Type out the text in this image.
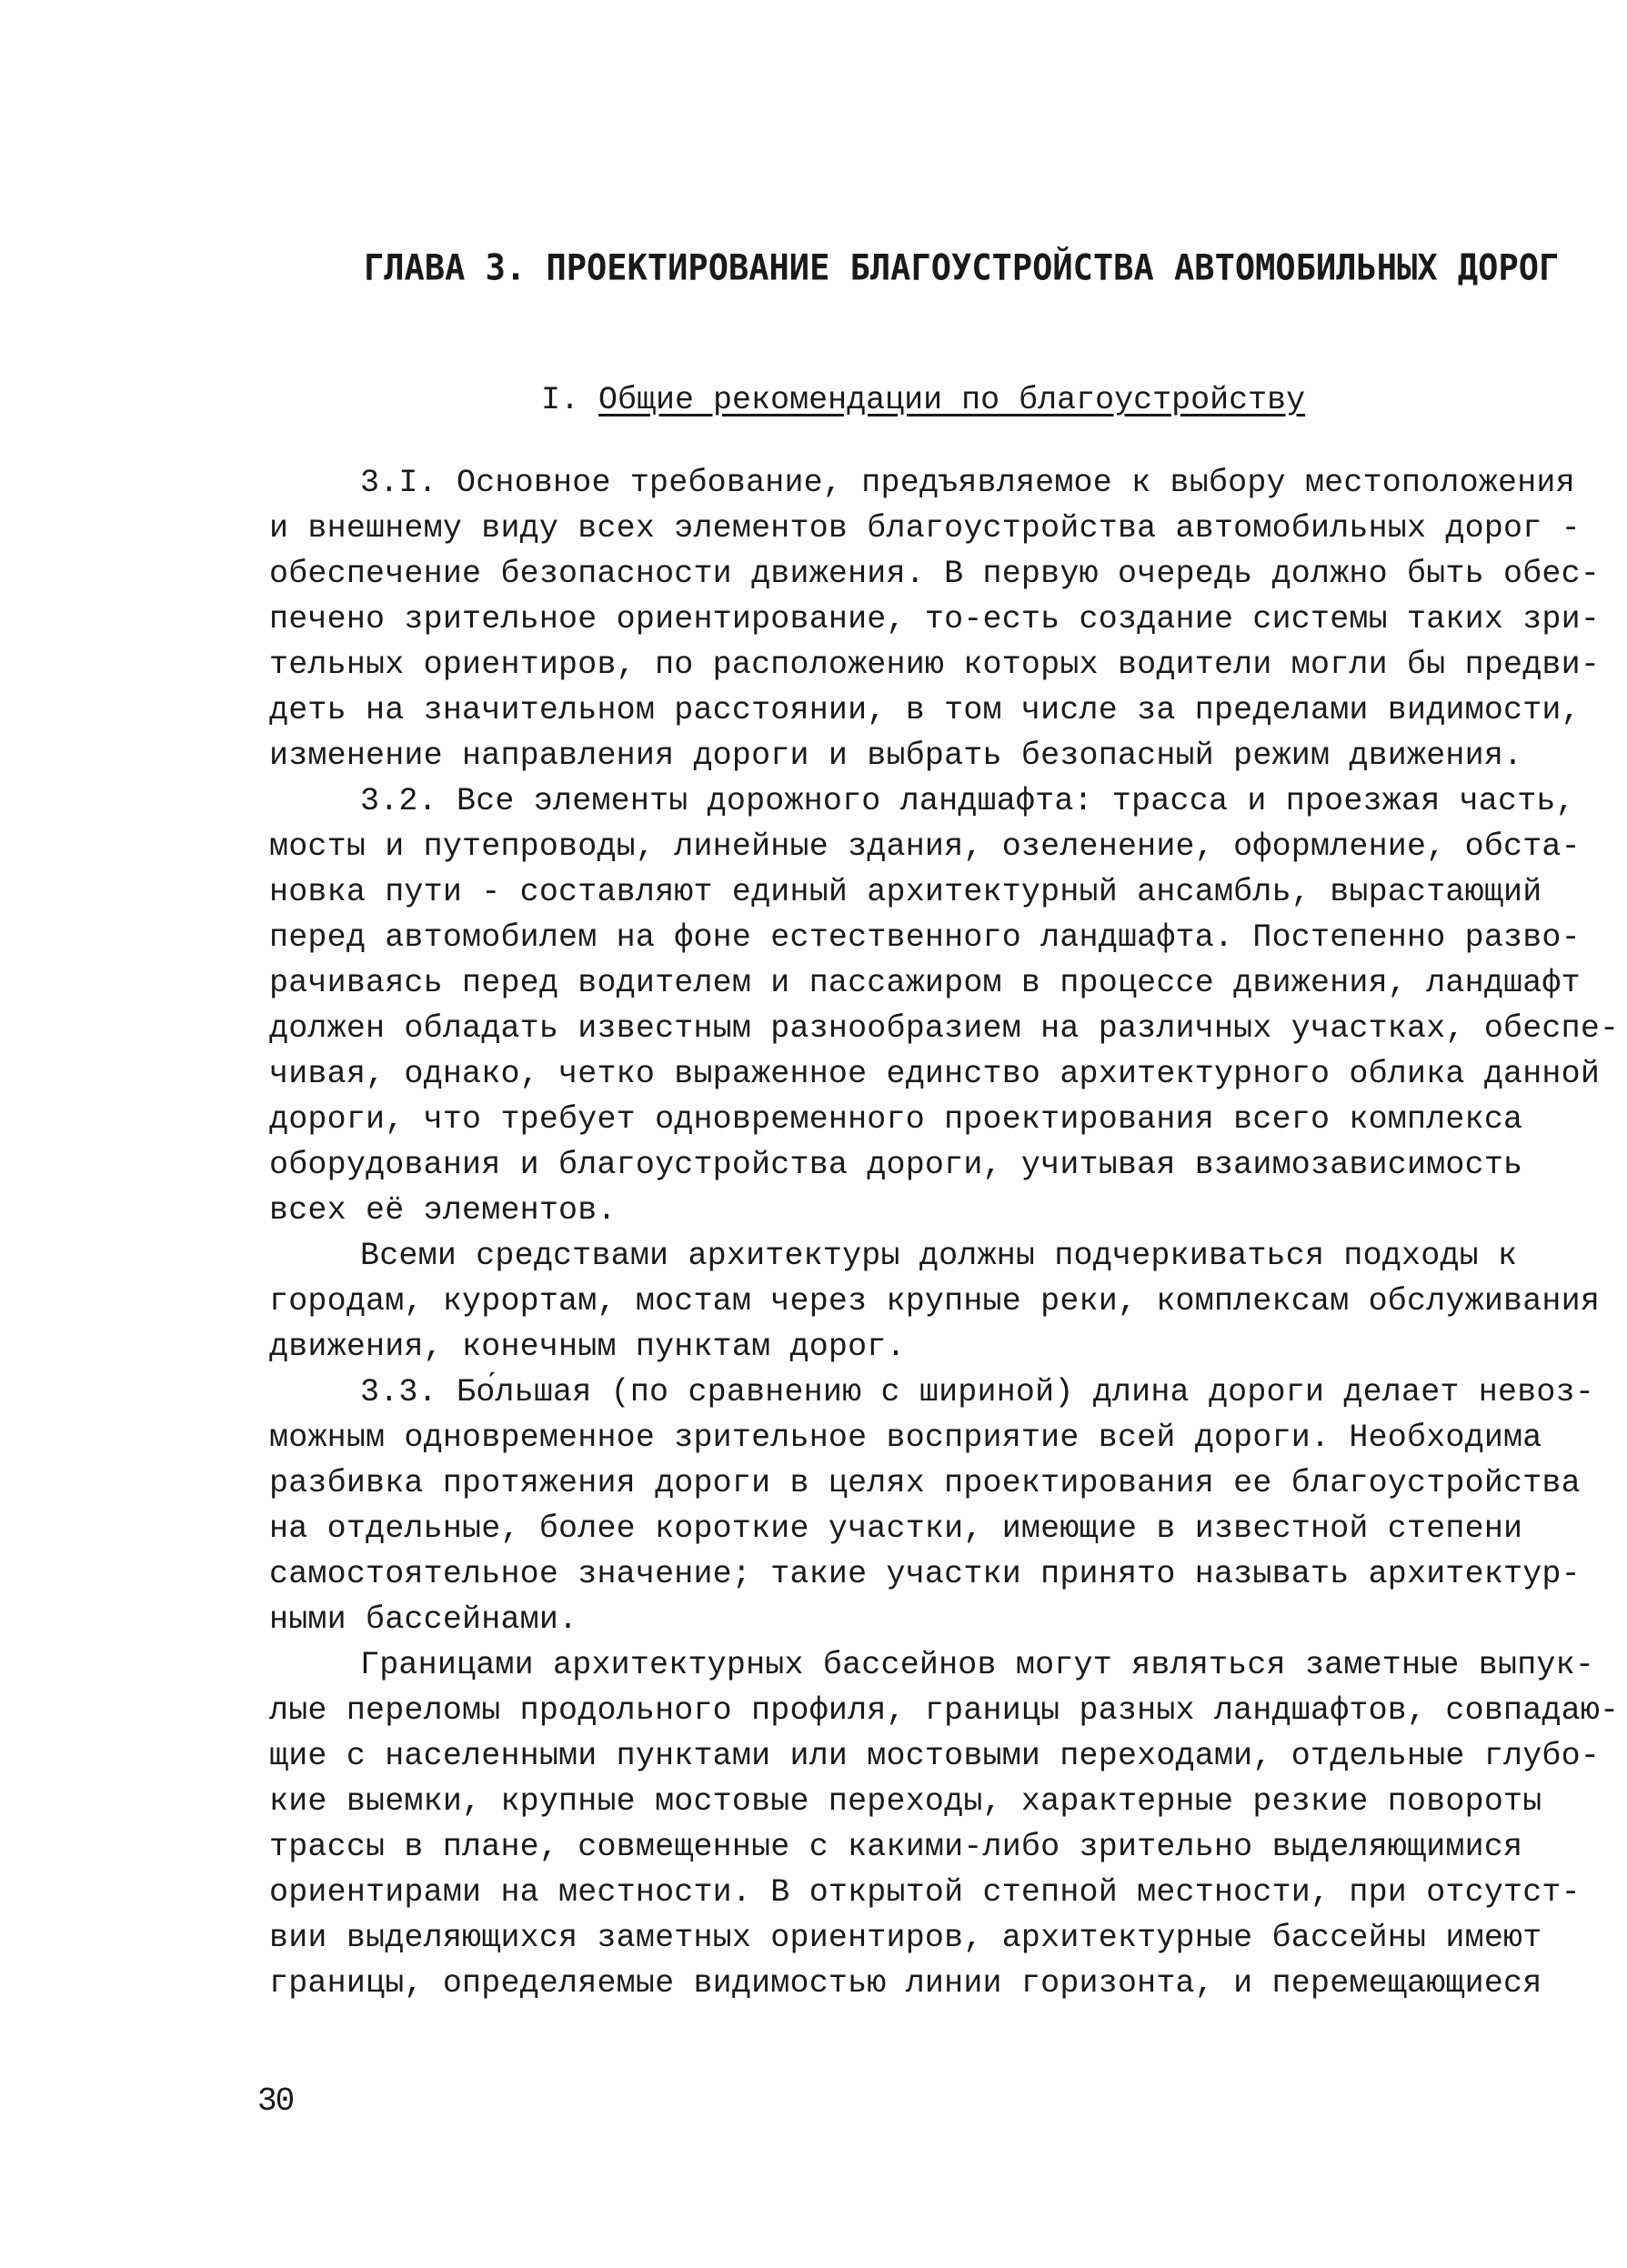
ГЛАВА 3. ПРОЕКТИРОВАНИЕ БЛАГОУСТРОЙСТВА АВТОМОБИЛЬНЫХ ДОРОГ
I. Общие рекомендации по благоустройству
3.I. Основное требование, предъявляемое к выбору местоположения
и внешнему виду всех элементов благоустройства автомобильных дорог -
обеспечение безопасности движения. В первую очередь должно быть обес-
печено зрительное ориентирование, то-есть создание системы таких зри-
тельных ориентиров, по расположению которых водители могли бы предви-
деть на значительном расстоянии, в том числе за пределами видимости,
изменение направления дороги и выбрать безопасный режим движения.
3.2. Все элементы дорожного ландшафта: трасса и проезжая часть,
мосты и путепроводы, линейные здания, озеленение, оформление, обста-
новка пути - составляют единый архитектурный ансамбль, вырастающий
перед автомобилем на фоне естественного ландшафта. Постепенно разво-
рачиваясь перед водителем и пассажиром в процессе движения, ландшафт
должен обладать известным разнообразием на различных участках, обеспе-
чивая, однако, четко выраженное единство архитектурного облика данной
дороги, что требует одновременного проектирования всего комплекса
оборудования и благоустройства дороги, учитывая взаимозависимость
всех её элементов.
Всеми средствами архитектуры должны подчеркиваться подходы к
городам, курортам, мостам через крупные реки, комплексам обслуживания
движения, конечным пунктам дорог.
3.3. Бо́льшая (по сравнению с шириной) длина дороги делает невоз-
можным одновременное зрительное восприятие всей дороги. Необходима
разбивка протяжения дороги в целях проектирования ее благоустройства
на отдельные, более короткие участки, имеющие в известной степени
самостоятельное значение; такие участки принято называть архитектур-
ными бассейнами.
Границами архитектурных бассейнов могут являться заметные выпук-
лые переломы продольного профиля, границы разных ландшафтов, совпадаю-
щие с населенными пунктами или мостовыми переходами, отдельные глубо-
кие выемки, крупные мостовые переходы, характерные резкие повороты
трассы в плане, совмещенные с какими-либо зрительно выделяющимися
ориентирами на местности. В открытой степной местности, при отсутст-
вии выделяющихся заметных ориентиров, архитектурные бассейны имеют
границы, определяемые видимостью линии горизонта, и перемещающиеся
30
